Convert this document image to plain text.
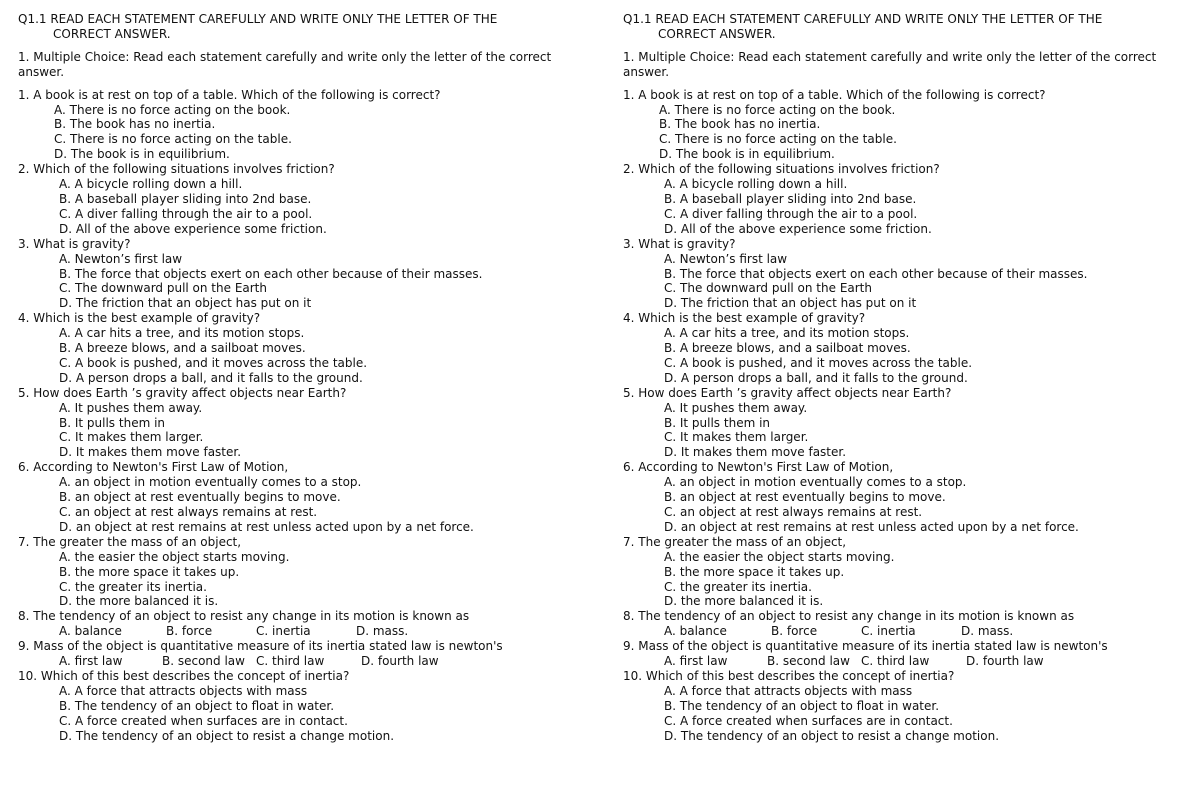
Q1.1 READ EACH STATEMENT CAREFULLY AND WRITE ONLY THE LETTER OF THE
CORRECT ANSWER.
1. Multiple Choice: Read each statement carefully and write only the letter of the correct answer.
1. A book is at rest on top of a table. Which of the following is correct?
A. There is no force acting on the book.
B. The book has no inertia.
C. There is no force acting on the table.
D. The book is in equilibrium.
2. Which of the following situations involves friction?
A. A bicycle rolling down a hill.
B. A baseball player sliding into 2nd base.
C. A diver falling through the air to a pool.
D. All of the above experience some friction.
3. What is gravity?
A. Newton’s first law
B. The force that objects exert on each other because of their masses.
C. The downward pull on the Earth
D. The friction that an object has put on it
4. Which is the best example of gravity?
A. A car hits a tree, and its motion stops.
B. A breeze blows, and a sailboat moves.
C. A book is pushed, and it moves across the table.
D. A person drops a ball, and it falls to the ground.
5. How does Earth ’s gravity affect objects near Earth?
A. It pushes them away.
B. It pulls them in
C. It makes them larger.
D. It makes them move faster.
6. According to Newton's First Law of Motion,
A. an object in motion eventually comes to a stop.
B. an object at rest eventually begins to move.
C. an object at rest always remains at rest.
D. an object at rest remains at rest unless acted upon by a net force.
7. The greater the mass of an object,
A. the easier the object starts moving.
B. the more space it takes up.
C. the greater its inertia.
D. the more balanced it is.
8. The tendency of an object to resist any change in its motion is known as
A. balance	B. force	C. inertia	D. mass.
9. Mass of the object is quantitative measure of its inertia stated law is newton's
A. first law	B. second law C. third law	D. fourth law
10. Which of this best describes the concept of inertia?
A. A force that attracts objects with mass
B. The tendency of an object to float in water.
C. A force created when surfaces are in contact.
D. The tendency of an object to resist a change motion.
Q1.1 READ EACH STATEMENT CAREFULLY AND WRITE ONLY THE LETTER OF THE
CORRECT ANSWER.
1. Multiple Choice: Read each statement carefully and write only the letter of the correct answer.
1. A book is at rest on top of a table. Which of the following is correct?
A. There is no force acting on the book.
B. The book has no inertia.
C. There is no force acting on the table.
D. The book is in equilibrium.
2. Which of the following situations involves friction?
A. A bicycle rolling down a hill.
B. A baseball player sliding into 2nd base.
C. A diver falling through the air to a pool.
D. All of the above experience some friction.
3. What is gravity?
A. Newton’s first law
B. The force that objects exert on each other because of their masses.
C. The downward pull on the Earth
D. The friction that an object has put on it
4. Which is the best example of gravity?
A. A car hits a tree, and its motion stops.
B. A breeze blows, and a sailboat moves.
C. A book is pushed, and it moves across the table.
D. A person drops a ball, and it falls to the ground.
5. How does Earth ’s gravity affect objects near Earth?
A. It pushes them away.
B. It pulls them in
C. It makes them larger.
D. It makes them move faster.
6. According to Newton's First Law of Motion,
A. an object in motion eventually comes to a stop.
B. an object at rest eventually begins to move.
C. an object at rest always remains at rest.
D. an object at rest remains at rest unless acted upon by a net force.
7. The greater the mass of an object,
A. the easier the object starts moving.
B. the more space it takes up.
C. the greater its inertia.
D. the more balanced it is.
8. The tendency of an object to resist any change in its motion is known as
A. balance	B. force	C. inertia	D. mass.
9. Mass of the object is quantitative measure of its inertia stated law is newton's
A. first law	B. second law C. third law	D. fourth law
10. Which of this best describes the concept of inertia?
A. A force that attracts objects with mass
B. The tendency of an object to float in water.
C. A force created when surfaces are in contact.
D. The tendency of an object to resist a change motion.
